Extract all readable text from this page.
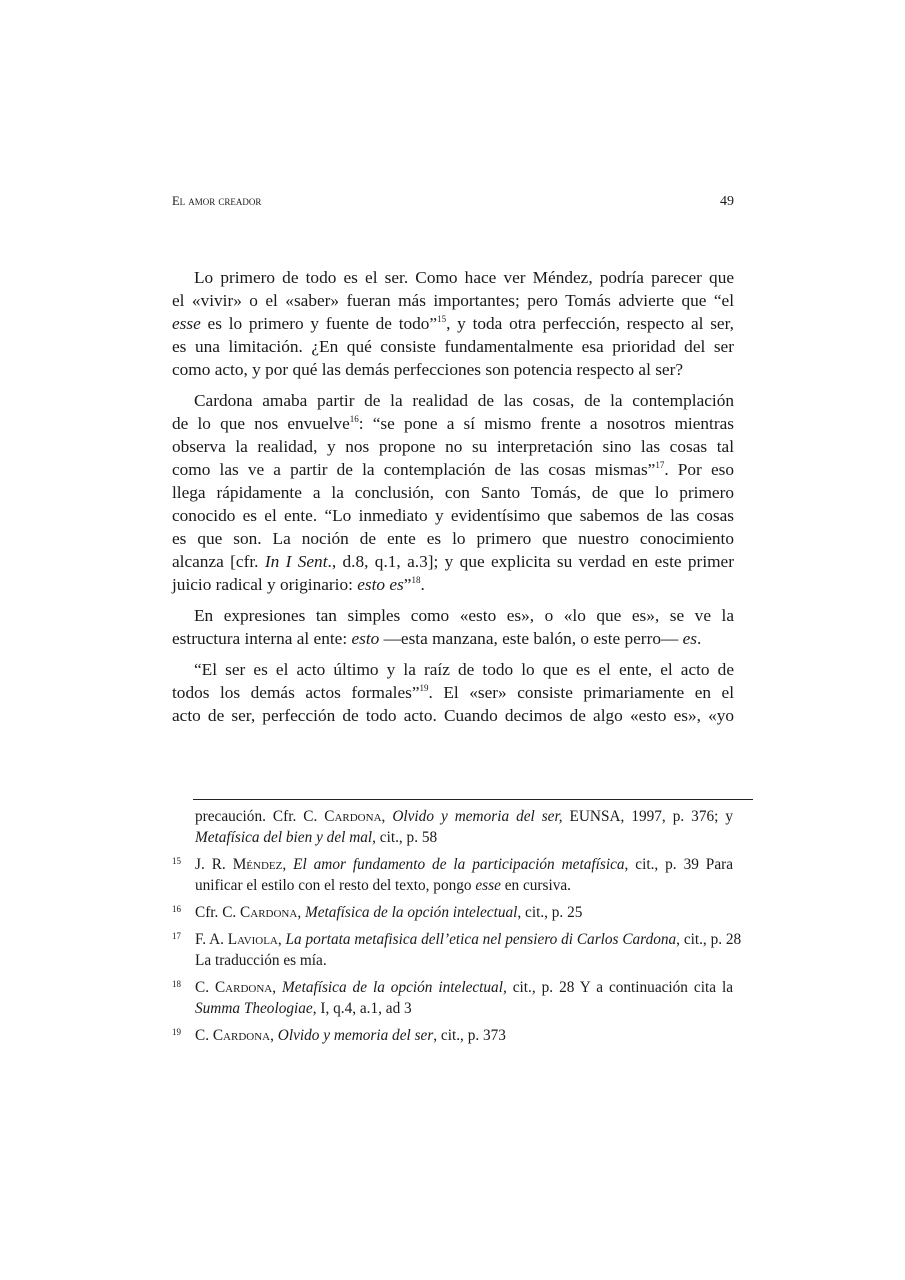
El amor creador	49
Lo primero de todo es el ser. Como hace ver Méndez, podría parecer que
el «vivir» o el «saber» fueran más importantes; pero Tomás advierte que “el
esse es lo primero y fuente de todo”$^{15}$, y toda otra perfección, respecto al ser,
es una limitación. ¿En qué consiste fundamentalmente esa prioridad del ser
como acto, y por qué las demás perfecciones son potencia respecto al ser?
Cardona amaba partir de la realidad de las cosas, de la contemplación
de lo que nos envuelve$^{16}$: “se pone a sí mismo frente a nosotros mientras
observa la realidad, y nos propone no su interpretación sino las cosas tal
como las ve a partir de la contemplación de las cosas mismas”$^{17}$. Por eso
llega rápidamente a la conclusión, con Santo Tomás, de que lo primero
conocido es el ente. “Lo inmediato y evidentísimo que sabemos de las cosas
es que son. La noción de ente es lo primero que nuestro conocimiento
alcanza [cfr. In I Sent., d.8, q.1, a.3]; y que explicita su verdad en este primer
juicio radical y originario: esto es”$^{18}$.
En expresiones tan simples como «esto es», o «lo que es», se ve la
estructura interna al ente: esto —esta manzana, este balón, o este perro— es.
“El ser es el acto último y la raíz de todo lo que es el ente, el acto de
todos los demás actos formales”$^{19}$. El «ser» consiste primariamente en el
acto de ser, perfección de todo acto. Cuando decimos de algo «esto es», «yo
precaución. Cfr. C. Cardona, Olvido y memoria del ser, EUNSA, 1997, p. 376; y
Metafísica del bien y del mal, cit., p. 58
15 J. R. Méndez, El amor fundamento de la participación metafísica, cit., p. 39 Para
unificar el estilo con el resto del texto, pongo esse en cursiva.
16 Cfr. C. Cardona, Metafísica de la opción intelectual, cit., p. 25
17 F. A. Laviola, La portata metafisica dell’etica nel pensiero di Carlos Cardona, cit., p. 28
La traducción es mía.
18 C. Cardona, Metafísica de la opción intelectual, cit., p. 28 Y a continuación cita la
Summa Theologiae, I, q.4, a.1, ad 3
19 C. Cardona, Olvido y memoria del ser, cit., p. 373
